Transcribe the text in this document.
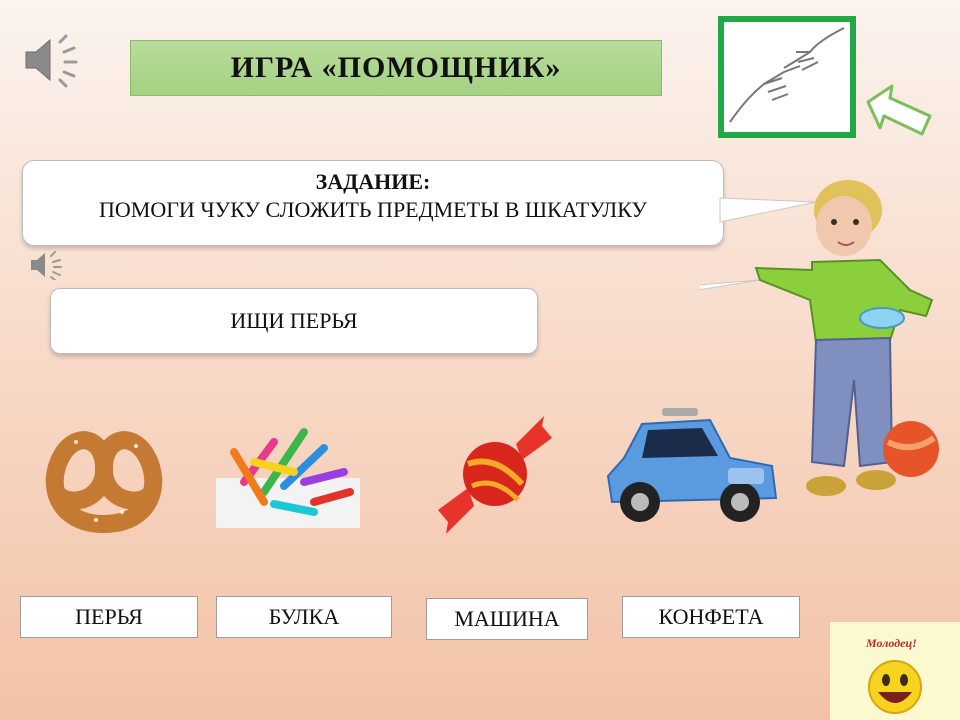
ИГРА «ПОМОЩНИК»
ЗАДАНИЕ:
ПОМОГИ ЧУКУ СЛОЖИТЬ ПРЕДМЕТЫ В ШКАТУЛКУ
ИЩИ ПЕРЬЯ
ПЕРЬЯ	БУЛКА	МАШИНА	КОНФЕТА
Молодец!
